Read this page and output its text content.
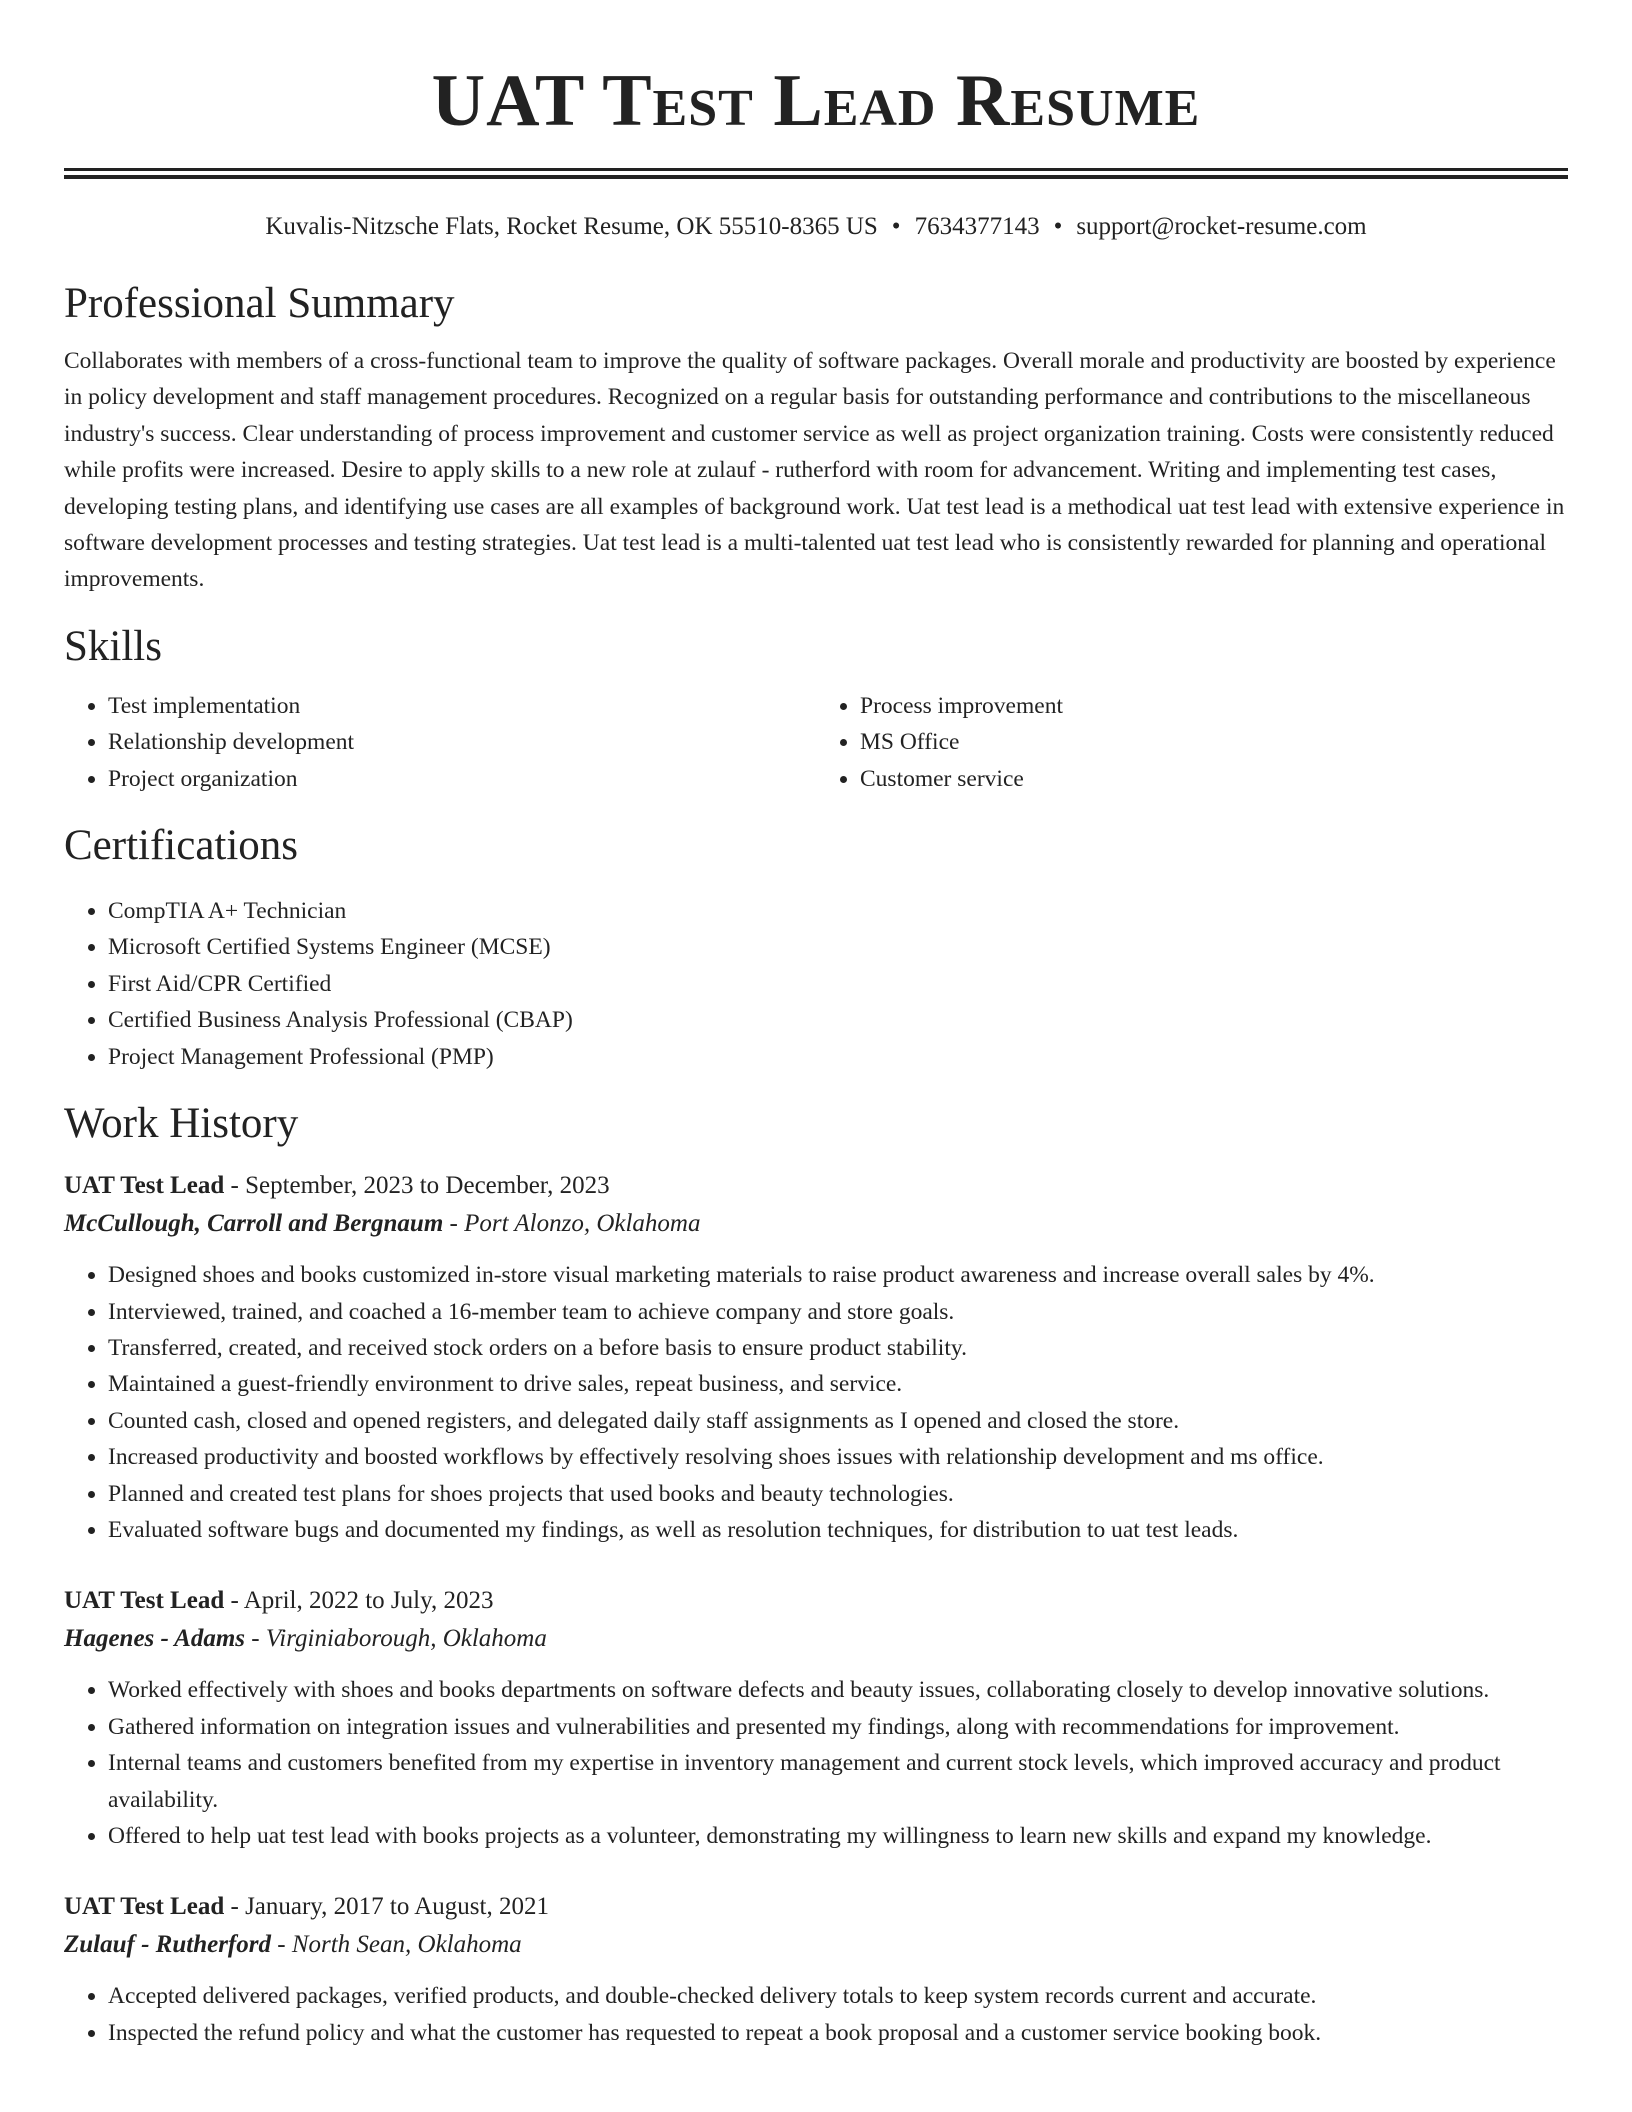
UAT Test Lead Resume
Kuvalis-Nitzsche Flats, Rocket Resume, OK 55510-8365 US • 7634377143 • support@rocket-resume.com
Professional Summary
Collaborates with members of a cross-functional team to improve the quality of software packages. Overall morale and productivity are boosted by experience in policy development and staff management procedures. Recognized on a regular basis for outstanding performance and contributions to the miscellaneous industry's success. Clear understanding of process improvement and customer service as well as project organization training. Costs were consistently reduced while profits were increased. Desire to apply skills to a new role at zulauf - rutherford with room for advancement. Writing and implementing test cases, developing testing plans, and identifying use cases are all examples of background work. Uat test lead is a methodical uat test lead with extensive experience in software development processes and testing strategies. Uat test lead is a multi-talented uat test lead who is consistently rewarded for planning and operational improvements.
Skills
• Test implementation
• Relationship development
• Project organization
• Process improvement
• MS Office
• Customer service
Certifications
• CompTIA A+ Technician
• Microsoft Certified Systems Engineer (MCSE)
• First Aid/CPR Certified
• Certified Business Analysis Professional (CBAP)
• Project Management Professional (PMP)
Work History
UAT Test Lead - September, 2023 to December, 2023
McCullough, Carroll and Bergnaum - Port Alonzo, Oklahoma
• Designed shoes and books customized in-store visual marketing materials to raise product awareness and increase overall sales by 4%.
• Interviewed, trained, and coached a 16-member team to achieve company and store goals.
• Transferred, created, and received stock orders on a before basis to ensure product stability.
• Maintained a guest-friendly environment to drive sales, repeat business, and service.
• Counted cash, closed and opened registers, and delegated daily staff assignments as I opened and closed the store.
• Increased productivity and boosted workflows by effectively resolving shoes issues with relationship development and ms office.
• Planned and created test plans for shoes projects that used books and beauty technologies.
• Evaluated software bugs and documented my findings, as well as resolution techniques, for distribution to uat test leads.
UAT Test Lead - April, 2022 to July, 2023
Hagenes - Adams - Virginiaborough, Oklahoma
• Worked effectively with shoes and books departments on software defects and beauty issues, collaborating closely to develop innovative solutions.
• Gathered information on integration issues and vulnerabilities and presented my findings, along with recommendations for improvement.
• Internal teams and customers benefited from my expertise in inventory management and current stock levels, which improved accuracy and product availability.
• Offered to help uat test lead with books projects as a volunteer, demonstrating my willingness to learn new skills and expand my knowledge.
UAT Test Lead - January, 2017 to August, 2021
Zulauf - Rutherford - North Sean, Oklahoma
• Accepted delivered packages, verified products, and double-checked delivery totals to keep system records current and accurate.
• Inspected the refund policy and what the customer has requested to repeat a book proposal and a customer service booking book.
